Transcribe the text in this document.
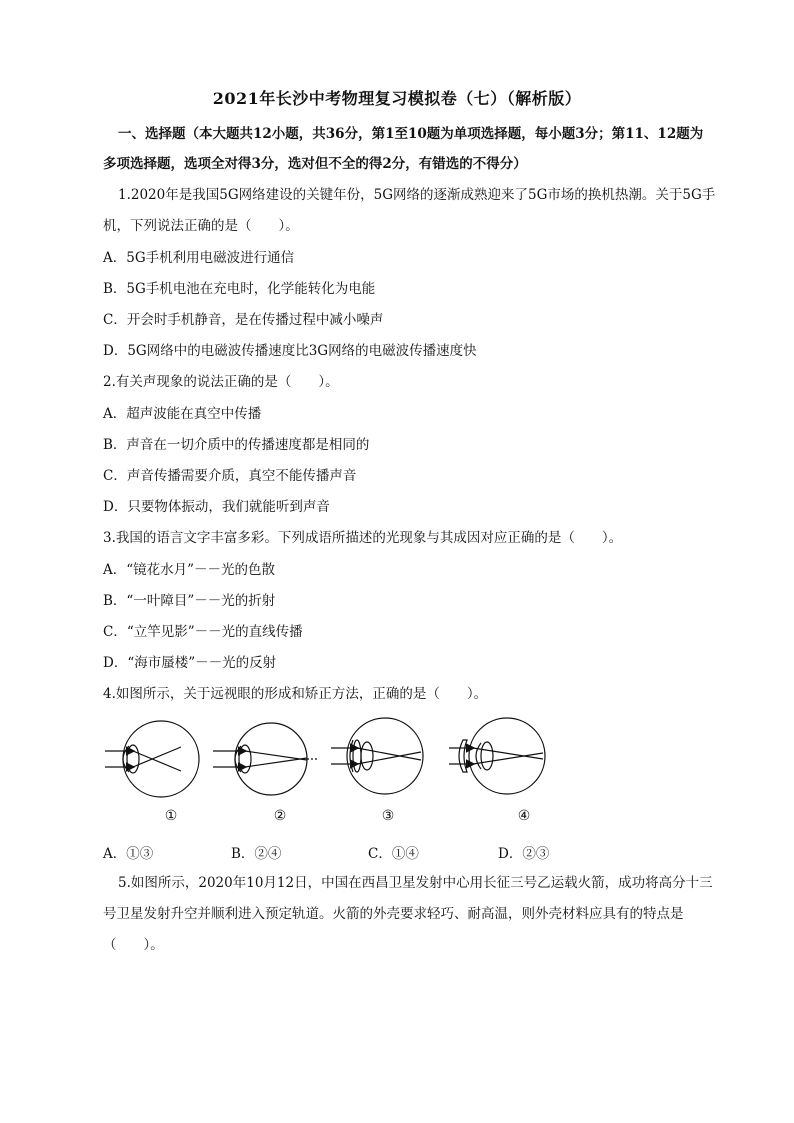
2021年长沙中考物理复习模拟卷（七）（解析版）
一、选择题（本大题共12小题，共36分，第1至10题为单项选择题，每小题3分；第11、12题为
多项选择题，选项全对得3分，选对但不全的得2分，有错选的不得分）
1.2020年是我国5G网络建设的关键年份，5G网络的逐渐成熟迎来了5G市场的换机热潮。关于5G手
机，下列说法正确的是（　　）。
A．5G手机利用电磁波进行通信
B．5G手机电池在充电时，化学能转化为电能
C．开会时手机静音，是在传播过程中减小噪声
D．5G网络中的电磁波传播速度比3G网络的电磁波传播速度快
2.有关声现象的说法正确的是（　　）。
A．超声波能在真空中传播
B．声音在一切介质中的传播速度都是相同的
C．声音传播需要介质，真空不能传播声音
D．只要物体振动，我们就能听到声音
3.我国的语言文字丰富多彩。下列成语所描述的光现象与其成因对应正确的是（　　）。
A．“镜花水月”－－光的色散
B．“一叶障目”－－光的折射
C．“立竿见影”－－光的直线传播
D．“海市蜃楼”－－光的反射
4.如图所示，关于远视眼的形成和矫正方法，正确的是（　　）。
①	②	③	④
A．①③	B．②④	C．①④	D．②③
5.如图所示，2020年10月12日，中国在西昌卫星发射中心用长征三号乙运载火箭，成功将高分十三
号卫星发射升空并顺利进入预定轨道。火箭的外壳要求轻巧、耐高温，则外壳材料应具有的特点是
（　　）。
